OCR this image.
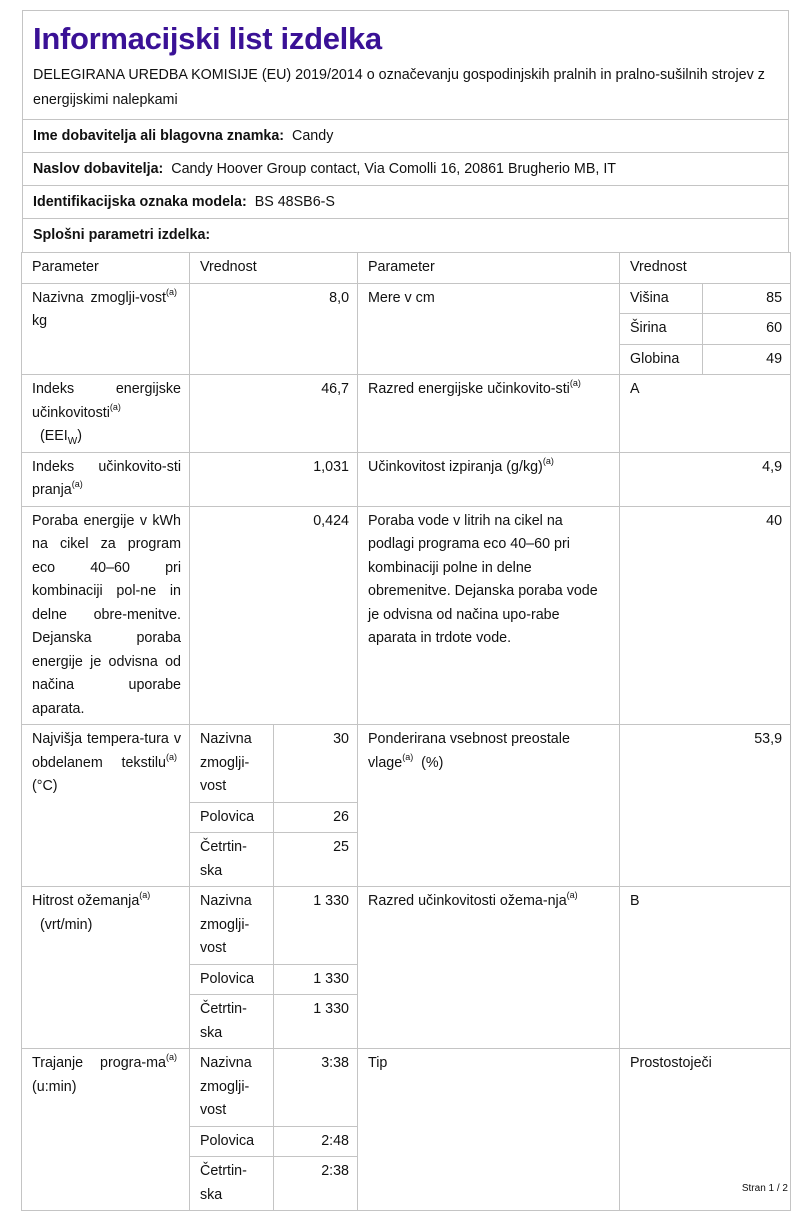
Informacijski list izdelka
DELEGIRANA UREDBA KOMISIJE (EU) 2019/2014 o označevanju gospodinjskih pralnih in pralno-sušilnih strojev z energijskimi nalepkami
Ime dobavitelja ali blagovna znamka: Candy
Naslov dobavitelja: Candy Hoover Group contact, Via Comolli 16, 20861 Brugherio MB, IT
Identifikacijska oznaka modela: BS 48SB6-S
Splošni parametri izdelka:
Parameter	Vrednost		Parameter	Vrednost	
Nazivna zmoglji-vost$^{(a)}$  kg	8,0		Mere v cm	Višina	85
				Širina	60
				Globina	49
Indeks energijske učinkovitosti$^{(a)}$
$(EEI_W)$	46,7		Razred energijske učinkovito-sti$^{(a)}$	A	
Indeks učinkovito-sti pranja$^{(a)}$	1,031		Učinkovitost izpiranja $(g/kg)^{(a)}$	4,9	
Poraba energije v kWh na cikel za program eco 40–60 pri kombinaciji pol-ne in delne obre-menitve. Dejanska poraba energije je odvisna od načina uporabe aparata.	0,424		Poraba vode v litrih na cikel na podlagi programa eco 40–60 pri kombinaciji polne in delne obremenitve. Dejanska poraba vode je odvisna od načina upo-rabe aparata in trdote vode.	40	
Najvišja tempera-tura v obdelanem tekstilu$^{(a)}$  (°C)	Nazivna zmoglji-vost	30	Ponderirana vsebnost preostale vlage$^{(a)}$ (%)	53,9	
	Polovica	26			
	Četrtin-ska	25			
Hitrost ožemanja$^{(a)}$
(vrt/min)	Nazivna zmoglji-vost	1 330	Razred učinkovitosti ožema-nja$^{(a)}$	B	
	Polovica	1 330			
	Četrtin-ska	1 330			
Trajanje progra-$ma^{(a)}$  (u:min)	Nazivna zmoglji-vost	3:38	Tip	Prostostoječi	
	Polovica	2:48			
	Četrtin-ska	2:38			
Stran 1 / 2
